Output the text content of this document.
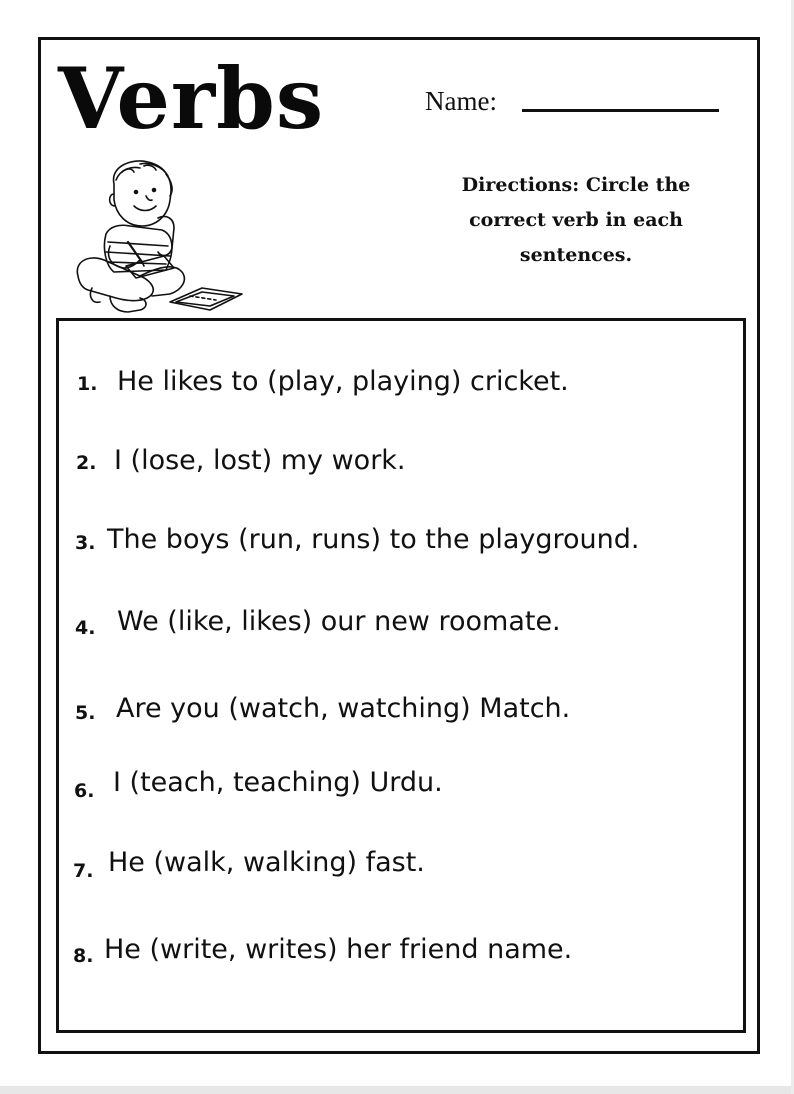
Verbs	Name:

Directions: Circle the correct verb in each sentences.

1. He likes to (play, playing) cricket.
2. I (lose, lost) my work.
3. The boys (run, runs) to the playground.
4. We (like, likes) our new roomate.
5. Are you (watch, watching) Match.
6. I (teach, teaching) Urdu.
7. He (walk, walking) fast.
8. He (write, writes) her friend name.
